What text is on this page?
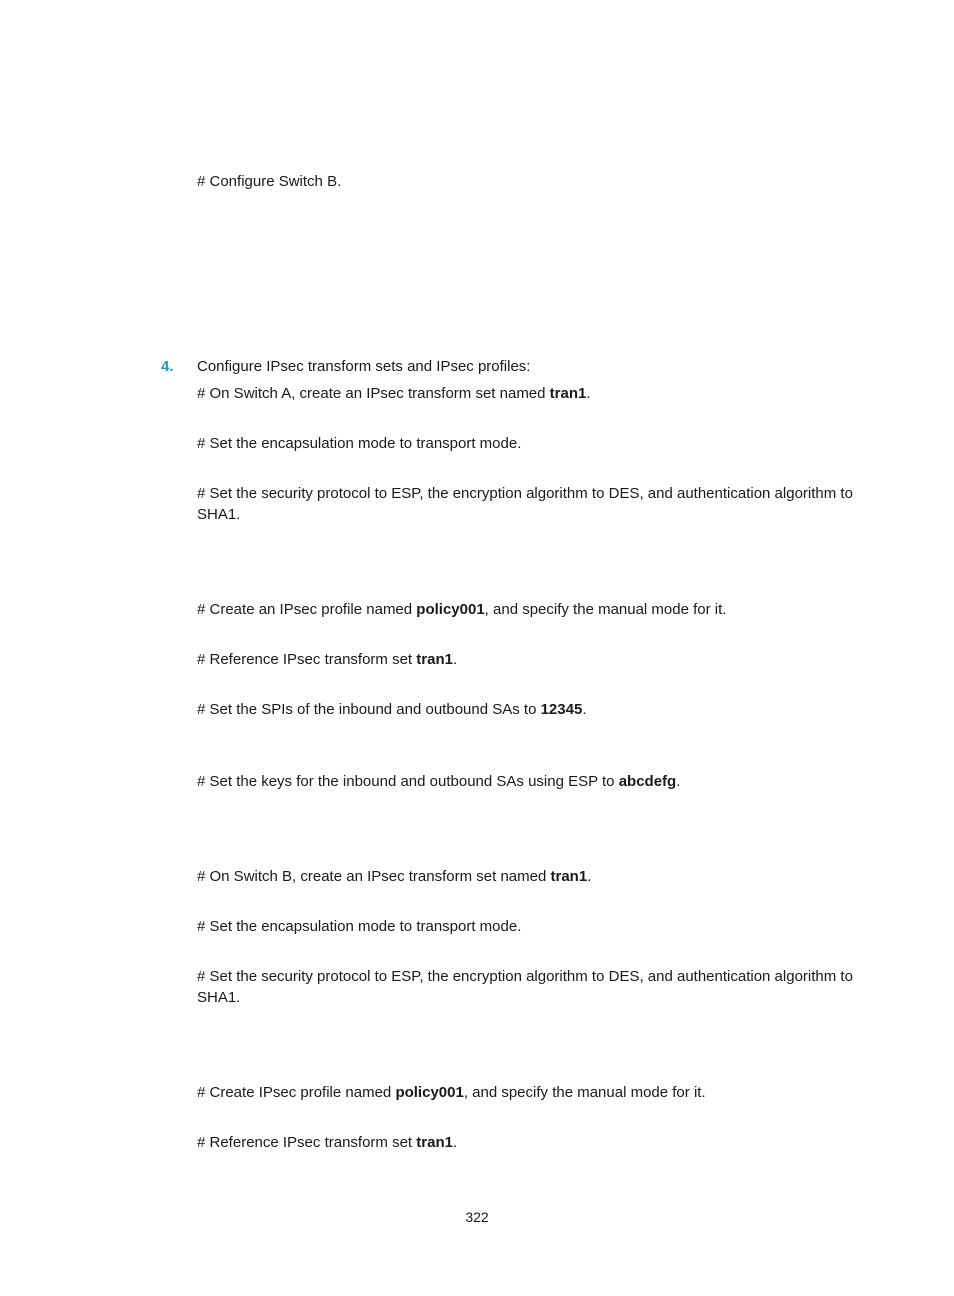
# Configure Switch B.
4. Configure IPsec transform sets and IPsec profiles:
# On Switch A, create an IPsec transform set named tran1.
# Set the encapsulation mode to transport mode.
# Set the security protocol to ESP, the encryption algorithm to DES, and authentication algorithm to SHA1.
# Create an IPsec profile named policy001, and specify the manual mode for it.
# Reference IPsec transform set tran1.
# Set the SPIs of the inbound and outbound SAs to 12345.
# Set the keys for the inbound and outbound SAs using ESP to abcdefg.
# On Switch B, create an IPsec transform set named tran1.
# Set the encapsulation mode to transport mode.
# Set the security protocol to ESP, the encryption algorithm to DES, and authentication algorithm to SHA1.
# Create IPsec profile named policy001, and specify the manual mode for it.
# Reference IPsec transform set tran1.
322
